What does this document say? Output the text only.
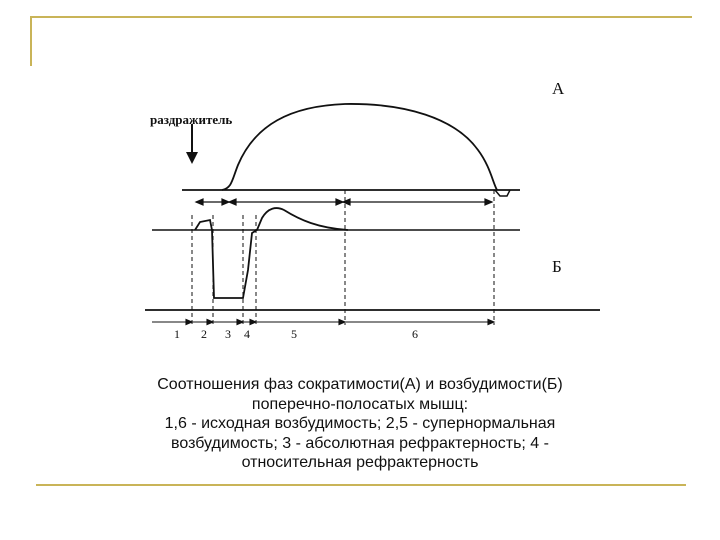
А
раздражитель
Б
1 2 3 4	5	6
Соотношения фаз сократимости(А) и возбудимости(Б)
поперечно-полосатых мышц:
1,6 - исходная возбудимость; 2,5 - супернормальная
возбудимость; 3 - абсолютная рефрактерность; 4 -
относительная рефрактерность
